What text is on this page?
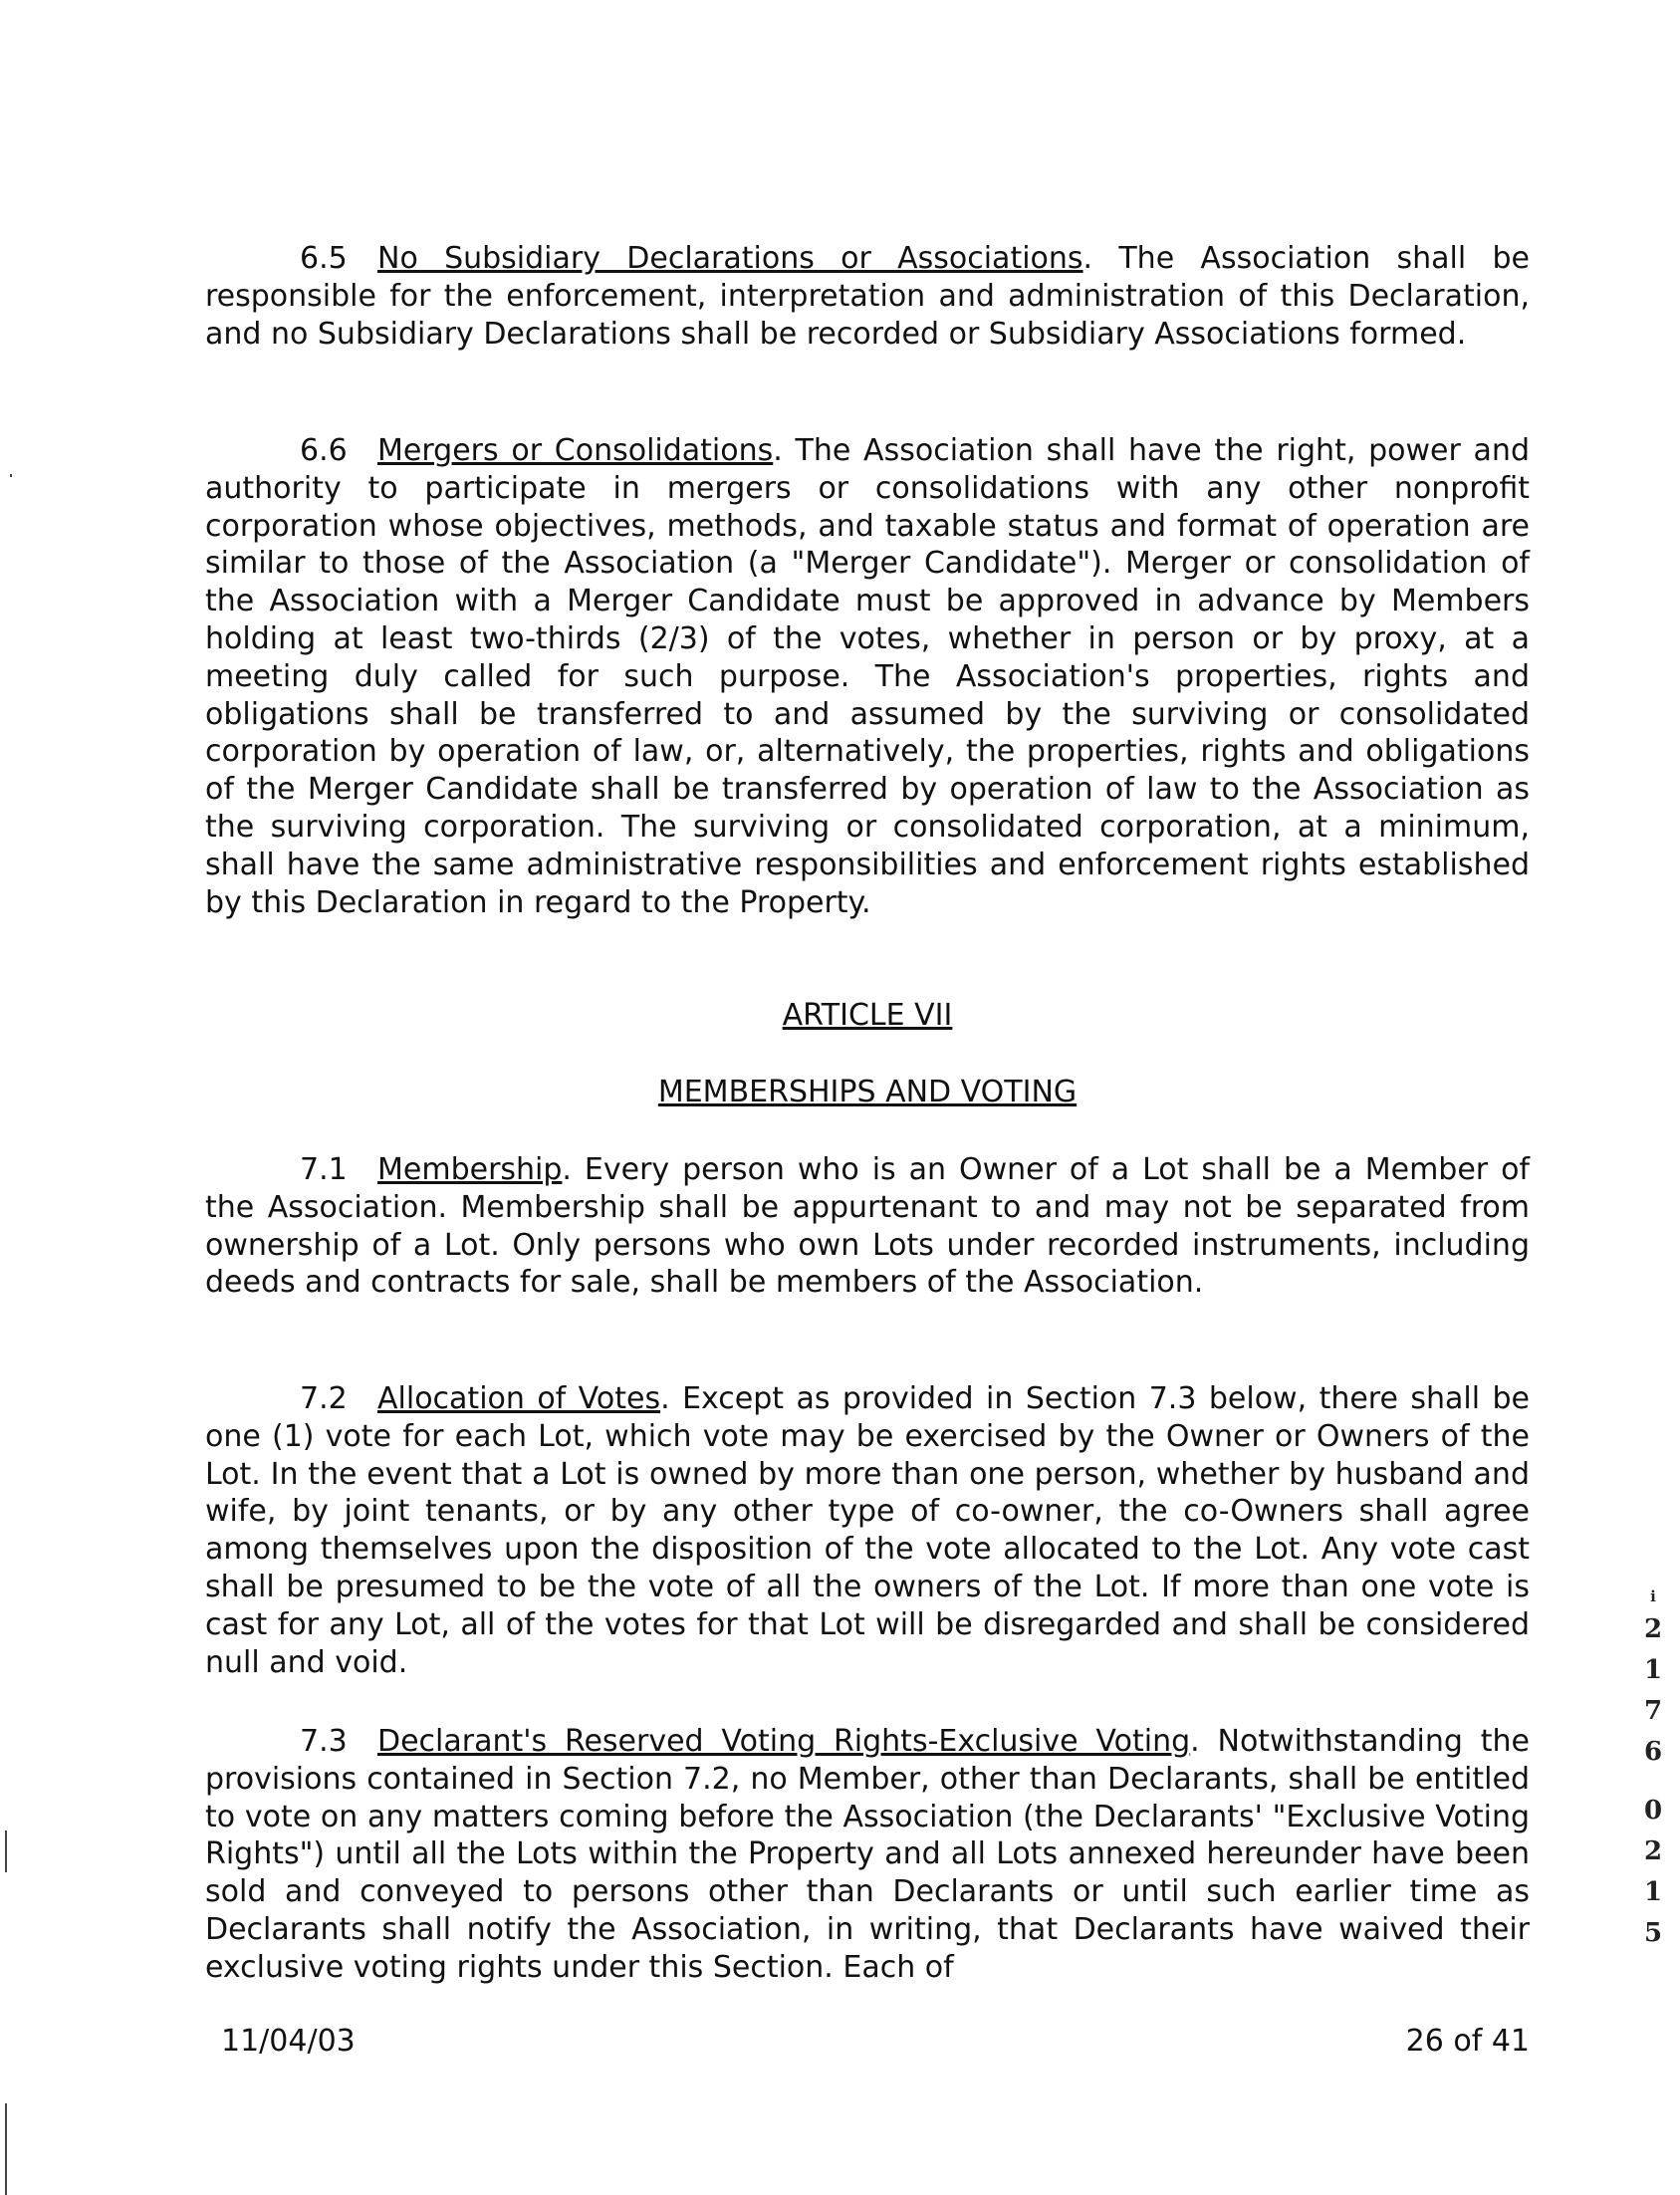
6.5 No Subsidiary Declarations or Associations. The Association shall be responsible for the enforcement, interpretation and administration of this Declaration, and no Subsidiary Declarations shall be recorded or Subsidiary Associations formed.

6.6 Mergers or Consolidations. The Association shall have the right, power and authority to participate in mergers or consolidations with any other nonprofit corporation whose objectives, methods, and taxable status and format of operation are similar to those of the Association (a "Merger Candidate"). Merger or consolidation of the Association with a Merger Candidate must be approved in advance by Members holding at least two-thirds (2/3) of the votes, whether in person or by proxy, at a meeting duly called for such purpose. The Association's properties, rights and obligations shall be transferred to and assumed by the surviving or consolidated corporation by operation of law, or, alternatively, the properties, rights and obligations of the Merger Candidate shall be transferred by operation of law to the Association as the surviving corporation. The surviving or consolidated corporation, at a minimum, shall have the same administrative responsibilities and enforcement rights established by this Declaration in regard to the Property.

ARTICLE VII

MEMBERSHIPS AND VOTING

7.1 Membership. Every person who is an Owner of a Lot shall be a Member of the Association. Membership shall be appurtenant to and may not be separated from ownership of a Lot. Only persons who own Lots under recorded instruments, including deeds and contracts for sale, shall be members of the Association.

7.2 Allocation of Votes. Except as provided in Section 7.3 below, there shall be one (1) vote for each Lot, which vote may be exercised by the Owner or Owners of the Lot. In the event that a Lot is owned by more than one person, whether by husband and wife, by joint tenants, or by any other type of co-owner, the co-Owners shall agree among themselves upon the disposition of the vote allocated to the Lot. Any vote cast shall be presumed to be the vote of all the owners of the Lot. If more than one vote is cast for any Lot, all of the votes for that Lot will be disregarded and shall be considered null and void.

7.3 Declarant's Reserved Voting Rights-Exclusive Voting. Notwithstanding the provisions contained in Section 7.2, no Member, other than Declarants, shall be entitled to vote on any matters coming before the Association (the Declarants' "Exclusive Voting Rights") until all the Lots within the Property and all Lots annexed hereunder have been sold and conveyed to persons other than Declarants or until such earlier time as Declarants shall notify the Association, in writing, that Declarants have waived their exclusive voting rights under this Section. Each of

11/04/03	26 of 41
i
2
1
7
6
0
2
1
5
